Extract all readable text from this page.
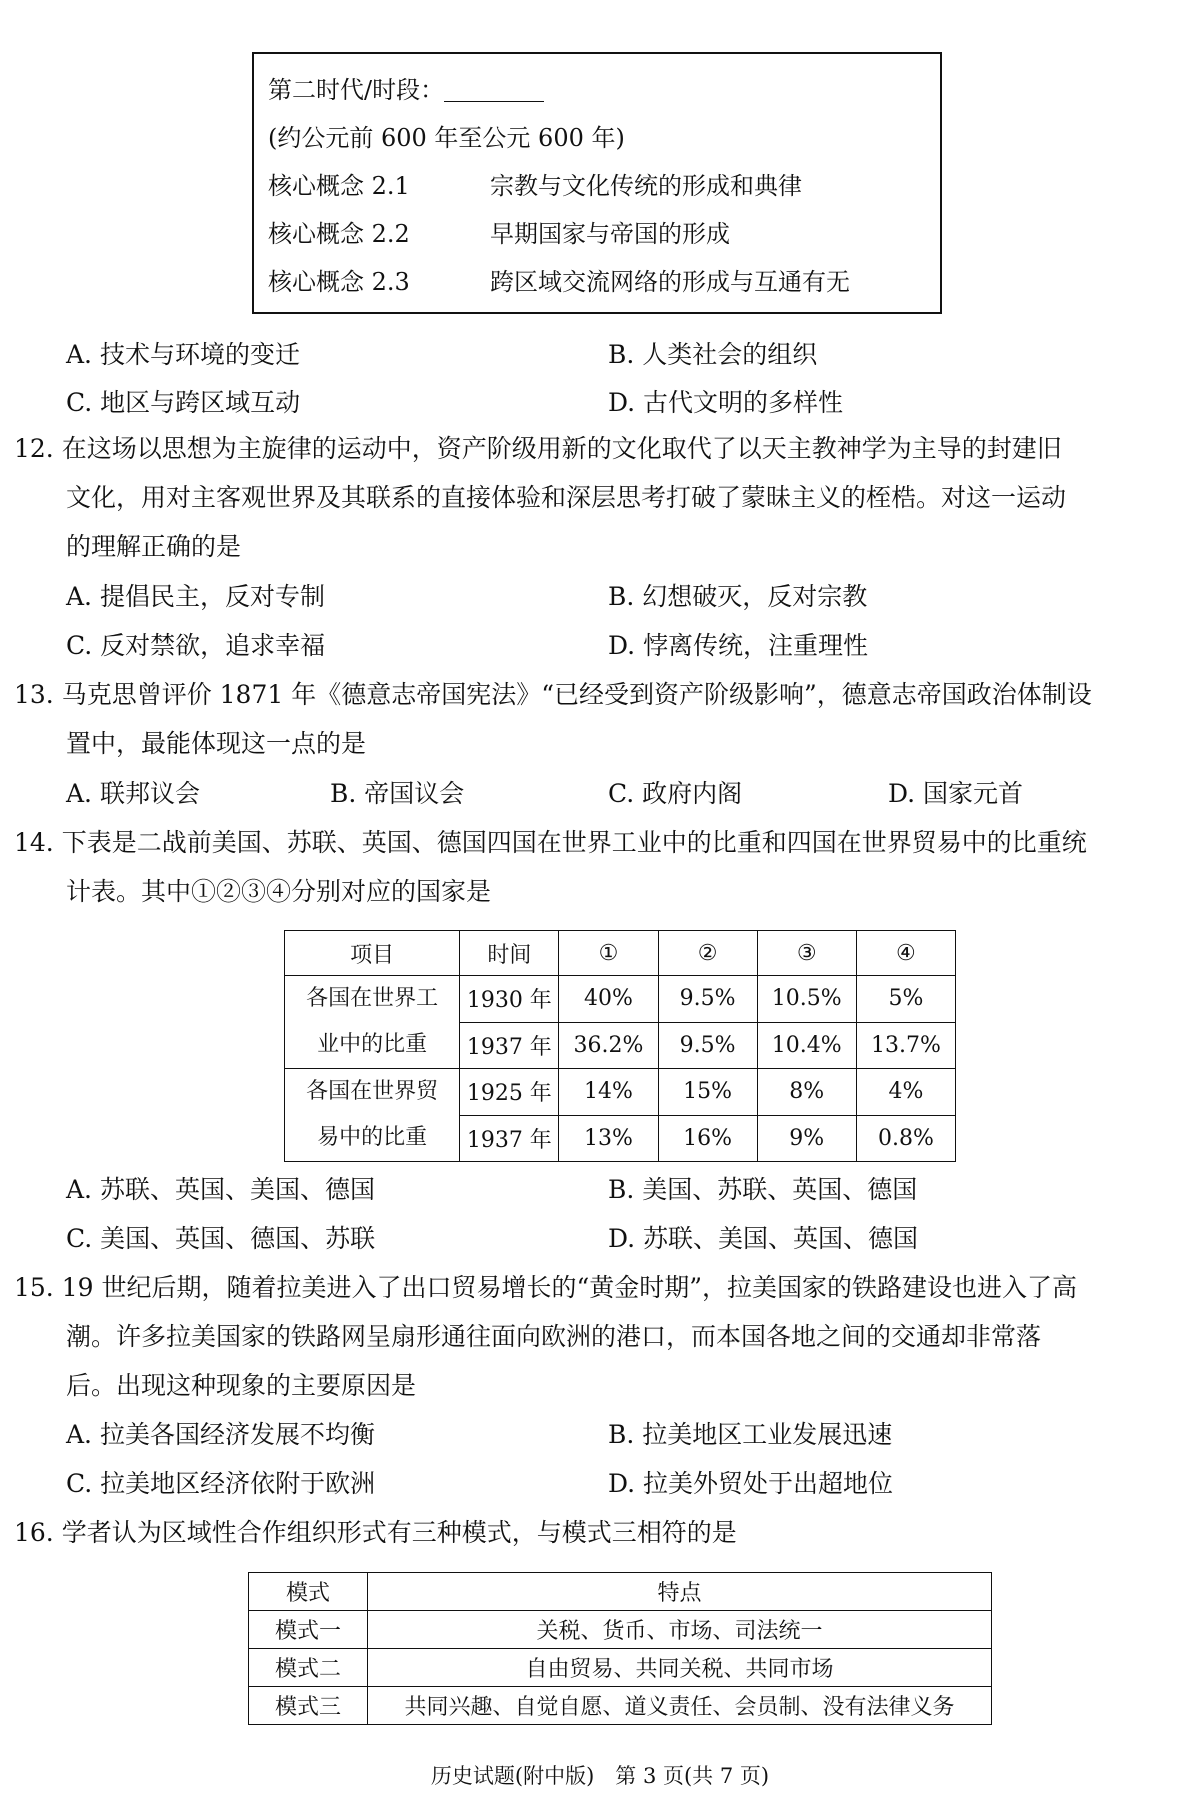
第二时代/时段：
(约公元前 600 年至公元 600 年)
核心概念 2.1	宗教与文化传统的形成和典律
核心概念 2.2	早期国家与帝国的形成
核心概念 2.3	跨区域交流网络的形成与互通有无
A. 技术与环境的变迁	B. 人类社会的组织
C. 地区与跨区域互动	D. 古代文明的多样性
12. 在这场以思想为主旋律的运动中，资产阶级用新的文化取代了以天主教神学为主导的封建旧
文化，用对主客观世界及其联系的直接体验和深层思考打破了蒙昧主义的桎梏。对这一运动
的理解正确的是
A. 提倡民主，反对专制	B. 幻想破灭，反对宗教
C. 反对禁欲，追求幸福	D. 悖离传统，注重理性
13. 马克思曾评价 1871 年《德意志帝国宪法》“已经受到资产阶级影响”，德意志帝国政治体制设
置中，最能体现这一点的是
A. 联邦议会	B. 帝国议会	C. 政府内阁	D. 国家元首
14. 下表是二战前美国、苏联、英国、德国四国在世界工业中的比重和四国在世界贸易中的比重统
计表。其中①②③④分别对应的国家是
项目	时间	①	②	③	④
各国在世界工
业中的比重	1930 年	40%	9.5%	10.5%	5%
	1937 年	36.2%	9.5%	10.4%	13.7%
各国在世界贸
易中的比重	1925 年	14%	15%	8%	4%
	1937 年	13%	16%	9%	0.8%
A. 苏联、英国、美国、德国	B. 美国、苏联、英国、德国
C. 美国、英国、德国、苏联	D. 苏联、美国、英国、德国
15. 19 世纪后期，随着拉美进入了出口贸易增长的“黄金时期”，拉美国家的铁路建设也进入了高
潮。许多拉美国家的铁路网呈扇形通往面向欧洲的港口，而本国各地之间的交通却非常落
后。出现这种现象的主要原因是
A. 拉美各国经济发展不均衡	B. 拉美地区工业发展迅速
C. 拉美地区经济依附于欧洲	D. 拉美外贸处于出超地位
16. 学者认为区域性合作组织形式有三种模式，与模式三相符的是
模式	特点
模式一	关税、货币、市场、司法统一
模式二	自由贸易、共同关税、共同市场
模式三	共同兴趣、自觉自愿、道义责任、会员制、没有法律义务
历史试题(附中版)　第 3 页(共 7 页)
